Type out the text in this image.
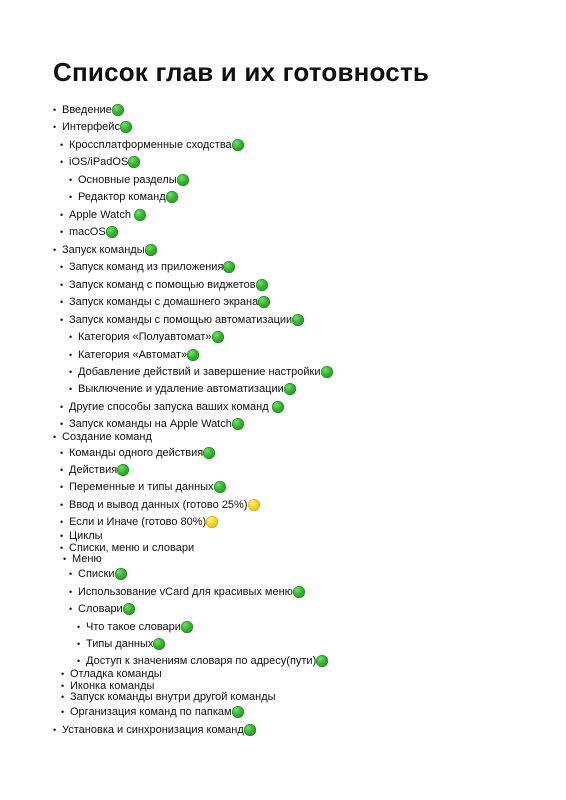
Список глав и их готовность
• Введение
• Интерфейс
• Кроссплатформенные сходства
• iOS/iPadOS
• Основные разделы
• Редактор команд
• Apple Watch
• macOS
• Запуск команды
• Запуск команд из приложения
• Запуск команд с помощью виджетов
• Запуск команды с домашнего экрана
• Запуск команды с помощью автоматизации
• Категория «Полуавтомат»
• Категория «Автомат»
• Добавление действий и завершение настройки
• Выключение и удаление автоматизации
• Другие способы запуска ваших команд
• Запуск команды на Apple Watch
• Создание команд
• Команды одного действия
• Действия
• Переменные и типы данных
• Ввод и вывод данных (готово 25%)
• Если и Иначе (готово 80%)
• Циклы
• Списки, меню и словари
• Меню
• Списки
• Использование vCard для красивых меню
• Словари
• Что такое словари
• Типы данных
• Доступ к значениям словаря по адресу(пути)
• Отладка команды
• Иконка команды
• Запуск команды внутри другой команды
• Организация команд по папкам
• Установка и синхронизация команд
